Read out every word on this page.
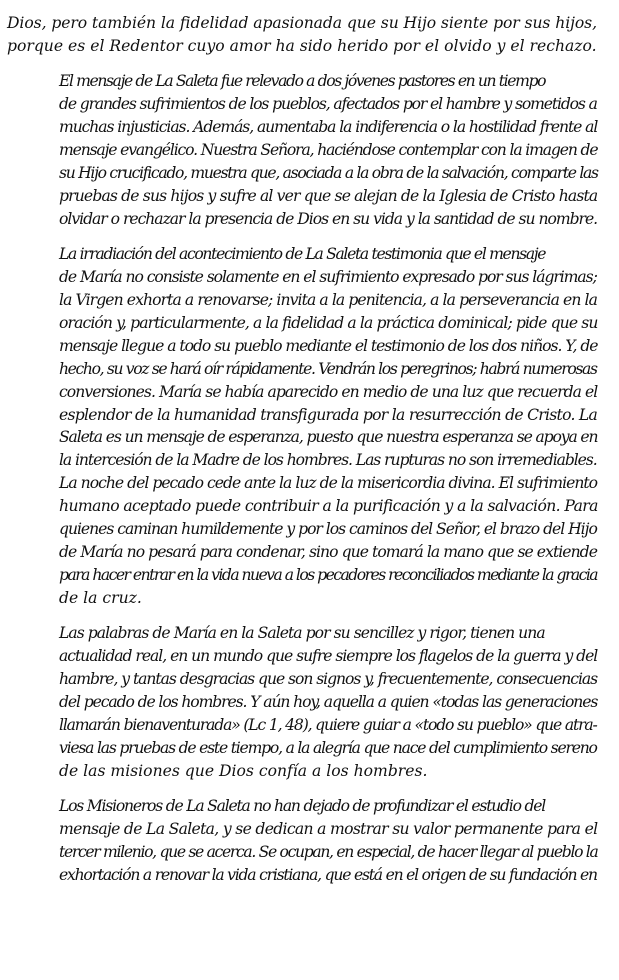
Dios, pero también la fidelidad apasionada que su Hijo siente por sus hijos,
porque es el Redentor cuyo amor ha sido herido por el olvido y el rechazo.

El mensaje de La Saleta fue relevado a dos jóvenes pastores en un tiempo
de grandes sufrimientos de los pueblos, afectados por el hambre y sometidos a
muchas injusticias. Además, aumentaba la indiferencia o la hostilidad frente al
mensaje evangélico. Nuestra Señora, haciéndose contemplar con la imagen de
su Hijo crucificado, muestra que, asociada a la obra de la salvación, comparte las
pruebas de sus hijos y sufre al ver que se alejan de la Iglesia de Cristo hasta
olvidar o rechazar la presencia de Dios en su vida y la santidad de su nombre.

La irradiación del acontecimiento de La Saleta testimonia que el mensaje
de María no consiste solamente en el sufrimiento expresado por sus lágrimas;
la Virgen exhorta a renovarse; invita a la penitencia, a la perseverancia en la
oración y, particularmente, a la fidelidad a la práctica dominical; pide que su
mensaje llegue a todo su pueblo mediante el testimonio de los dos niños. Y, de
hecho, su voz se hará oír rápidamente. Vendrán los peregrinos; habrá numerosas
conversiones. María se había aparecido en medio de una luz que recuerda el
esplendor de la humanidad transfigurada por la resurrección de Cristo. La
Saleta es un mensaje de esperanza, puesto que nuestra esperanza se apoya en
la intercesión de la Madre de los hombres. Las rupturas no son irremediables.
La noche del pecado cede ante la luz de la misericordia divina. El sufrimiento
humano aceptado puede contribuir a la purificación y a la salvación. Para
quienes caminan humildemente y por los caminos del Señor, el brazo del Hijo
de María no pesará para condenar, sino que tomará la mano que se extiende
para hacer entrar en la vida nueva a los pecadores reconciliados mediante la gracia
de la cruz.

Las palabras de María en la Saleta por su sencillez y rigor, tienen una
actualidad real, en un mundo que sufre siempre los flagelos de la guerra y del
hambre, y tantas desgracias que son signos y, frecuentemente, consecuencias
del pecado de los hombres. Y aún hoy, aquella a quien «todas las generaciones
llamarán bienaventurada» (Lc 1, 48), quiere guiar a «todo su pueblo» que atra-
viesa las pruebas de este tiempo, a la alegría que nace del cumplimiento sereno
de las misiones que Dios confía a los hombres.

Los Misioneros de La Saleta no han dejado de profundizar el estudio del
mensaje de La Saleta, y se dedican a mostrar su valor permanente para el
tercer milenio, que se acerca. Se ocupan, en especial, de hacer llegar al pueblo la
exhortación a renovar la vida cristiana, que está en el origen de su fundación en
